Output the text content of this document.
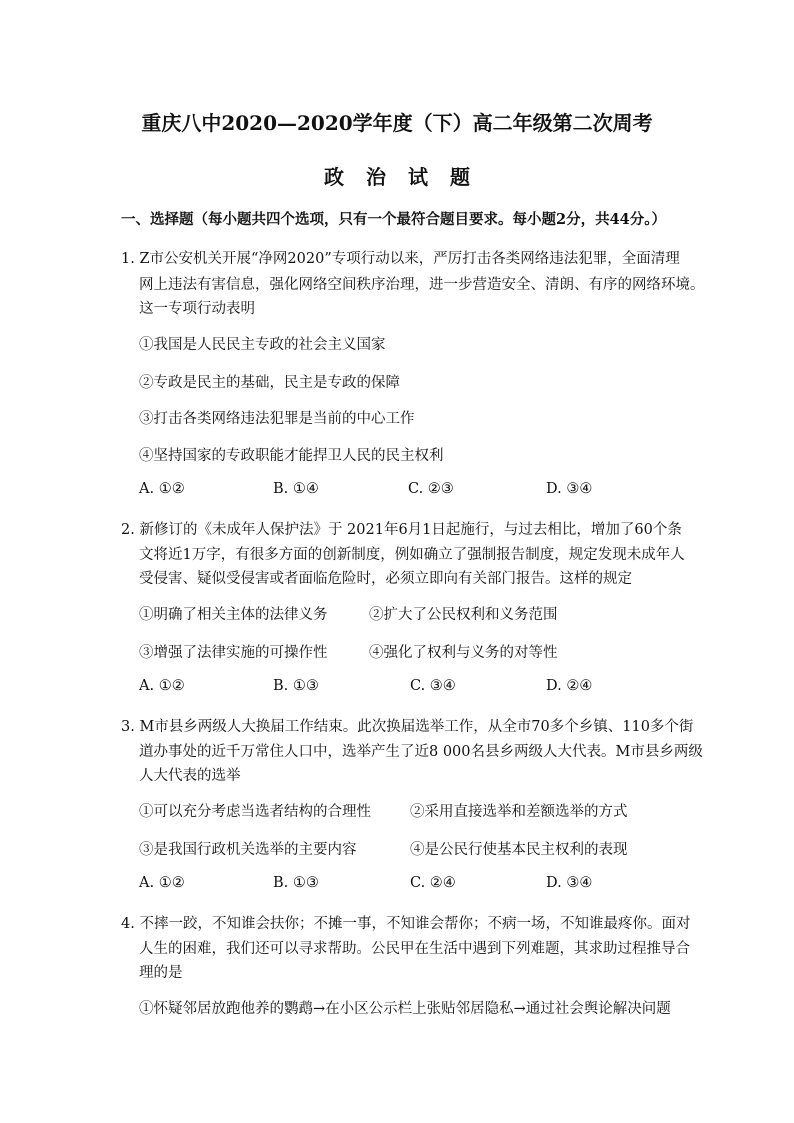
重庆八中2020—2020学年度（下）高二年级第二次周考
政治试题
一、选择题（每小题共四个选项，只有一个最符合题目要求。每小题2分，共44分。）
1. Z市公安机关开展“净网2020”专项行动以来，严厉打击各类网络违法犯罪，全面清理
网上违法有害信息，强化网络空间秩序治理，进一步营造安全、清朗、有序的网络环境。
这一专项行动表明
①我国是人民民主专政的社会主义国家
②专政是民主的基础，民主是专政的保障
③打击各类网络违法犯罪是当前的中心工作
④坚持国家的专政职能才能捍卫人民的民主权利
A. ①②	B. ①④	C. ②③	D. ③④
2. 新修订的《未成年人保护法》于 2021年6月1日起施行，与过去相比，增加了60个条
文将近1万字，有很多方面的创新制度，例如确立了强制报告制度，规定发现未成年人
受侵害、疑似受侵害或者面临危险时，必须立即向有关部门报告。这样的规定
①明确了相关主体的法律义务	②扩大了公民权利和义务范围
③增强了法律实施的可操作性	④强化了权利与义务的对等性
A. ①②	B. ①③	C. ③④	D. ②④
3. M市县乡两级人大换届工作结束。此次换届选举工作，从全市70多个乡镇、110多个街
道办事处的近千万常住人口中，选举产生了近8 000名县乡两级人大代表。M市县乡两级
人大代表的选举
①可以充分考虑当选者结构的合理性	②采用直接选举和差额选举的方式
③是我国行政机关选举的主要内容	④是公民行使基本民主权利的表现
A. ①②	B. ①③	C. ②④	D. ③④
4. 不摔一跤，不知谁会扶你；不摊一事，不知谁会帮你；不病一场，不知谁最疼你。面对
人生的困难，我们还可以寻求帮助。公民甲在生活中遇到下列难题，其求助过程推导合
理的是
①怀疑邻居放跑他养的鹦鹉→在小区公示栏上张贴邻居隐私→通过社会舆论解决问题
